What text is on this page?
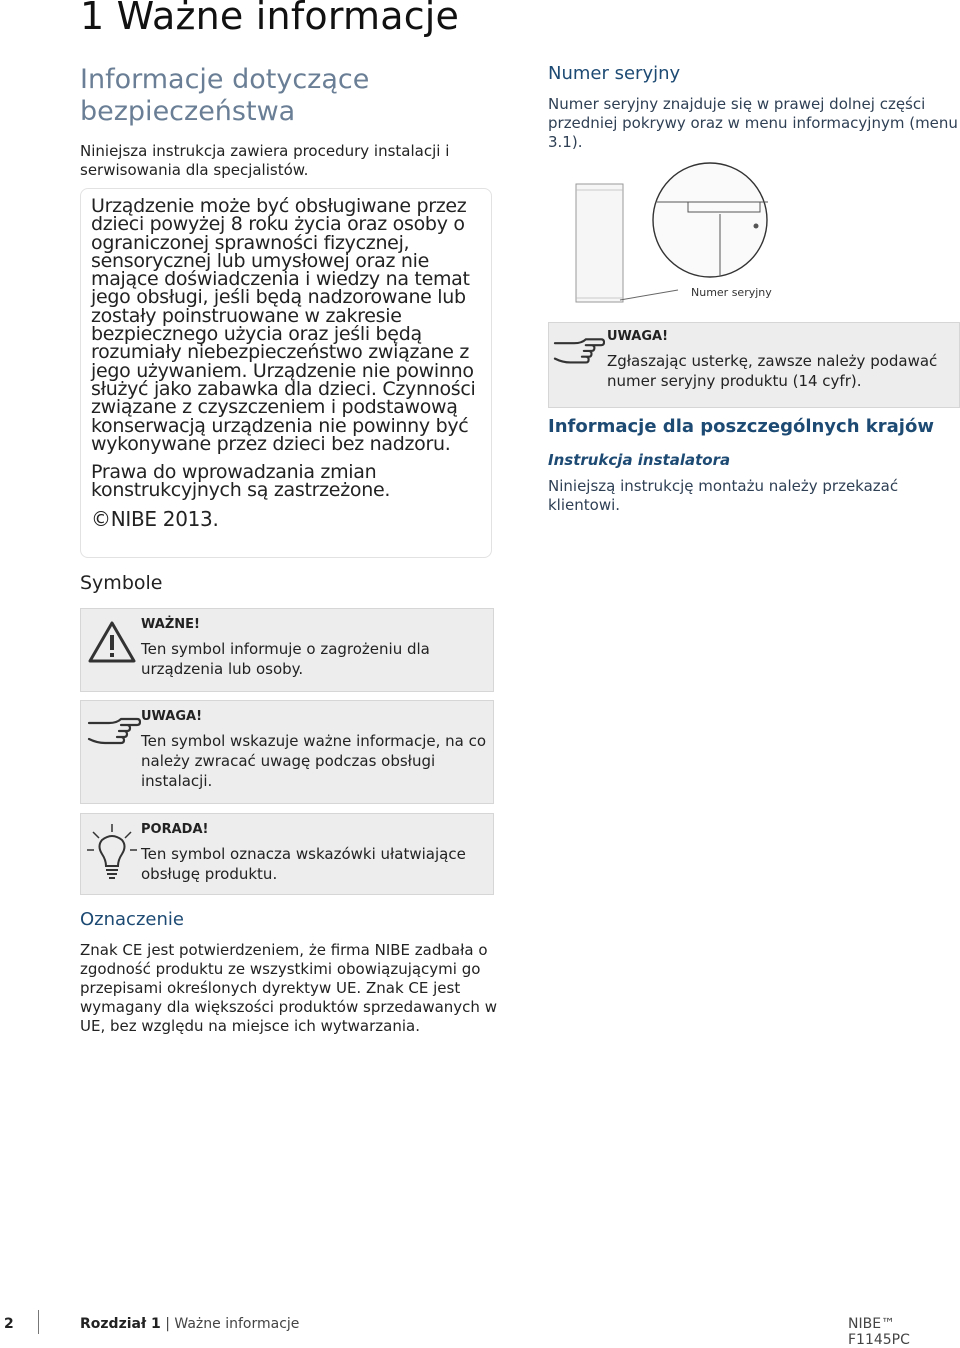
1 Ważne informacje
Informacje dotyczące bezpieczeństwa
Niniejsza instrukcja zawiera procedury instalacji i serwisowania dla specjalistów.
Urządzenie może być obsługiwane przez dzieci powyżej 8 roku życia oraz osoby o ograniczonej sprawności fizycznej, sensorycznej lub umysłowej oraz nie mające doświadczenia i wiedzy na temat jego obsługi, jeśli będą nadzorowane lub zostały poinstruowane w zakresie bezpiecznego użycia oraz jeśli będą rozumiały niebezpieczeństwo związane z jego używaniem. Urządzenie nie powinno służyć jako zabawka dla dzieci. Czynności związane z czyszczeniem i podstawową konserwacją urządzenia nie powinny być wykonywane przez dzieci bez nadzoru.
Prawa do wprowadzania zmian konstrukcyjnych są zastrzeżone.
©NIBE 2013.
Symbole
WAŻNE!
Ten symbol informuje o zagrożeniu dla urządzenia lub osoby.
UWAGA!
Ten symbol wskazuje ważne informacje, na co należy zwracać uwagę podczas obsługi instalacji.
PORADA!
Ten symbol oznacza wskazówki ułatwiające obsługę produktu.
Oznaczenie
Znak CE jest potwierdzeniem, że firma NIBE zadbała o zgodność produktu ze wszystkimi obowiązującymi go przepisami określonych dyrektyw UE. Znak CE jest wymagany dla większości produktów sprzedawanych w UE, bez względu na miejsce ich wytwarzania.
Numer seryjny
Numer seryjny znajduje się w prawej dolnej części przedniej pokrywy oraz w menu informacyjnym (menu 3.1).
Numer seryjny
UWAGA!
Zgłaszając usterkę, zawsze należy podawać numer seryjny produktu (14 cyfr).
Informacje dla poszczególnych krajów
Instrukcja instalatora
Niniejszą instrukcję montażu należy przekazać klientowi.
2	Rozdział 1 | Ważne informacje	NIBE™ F1145PC
